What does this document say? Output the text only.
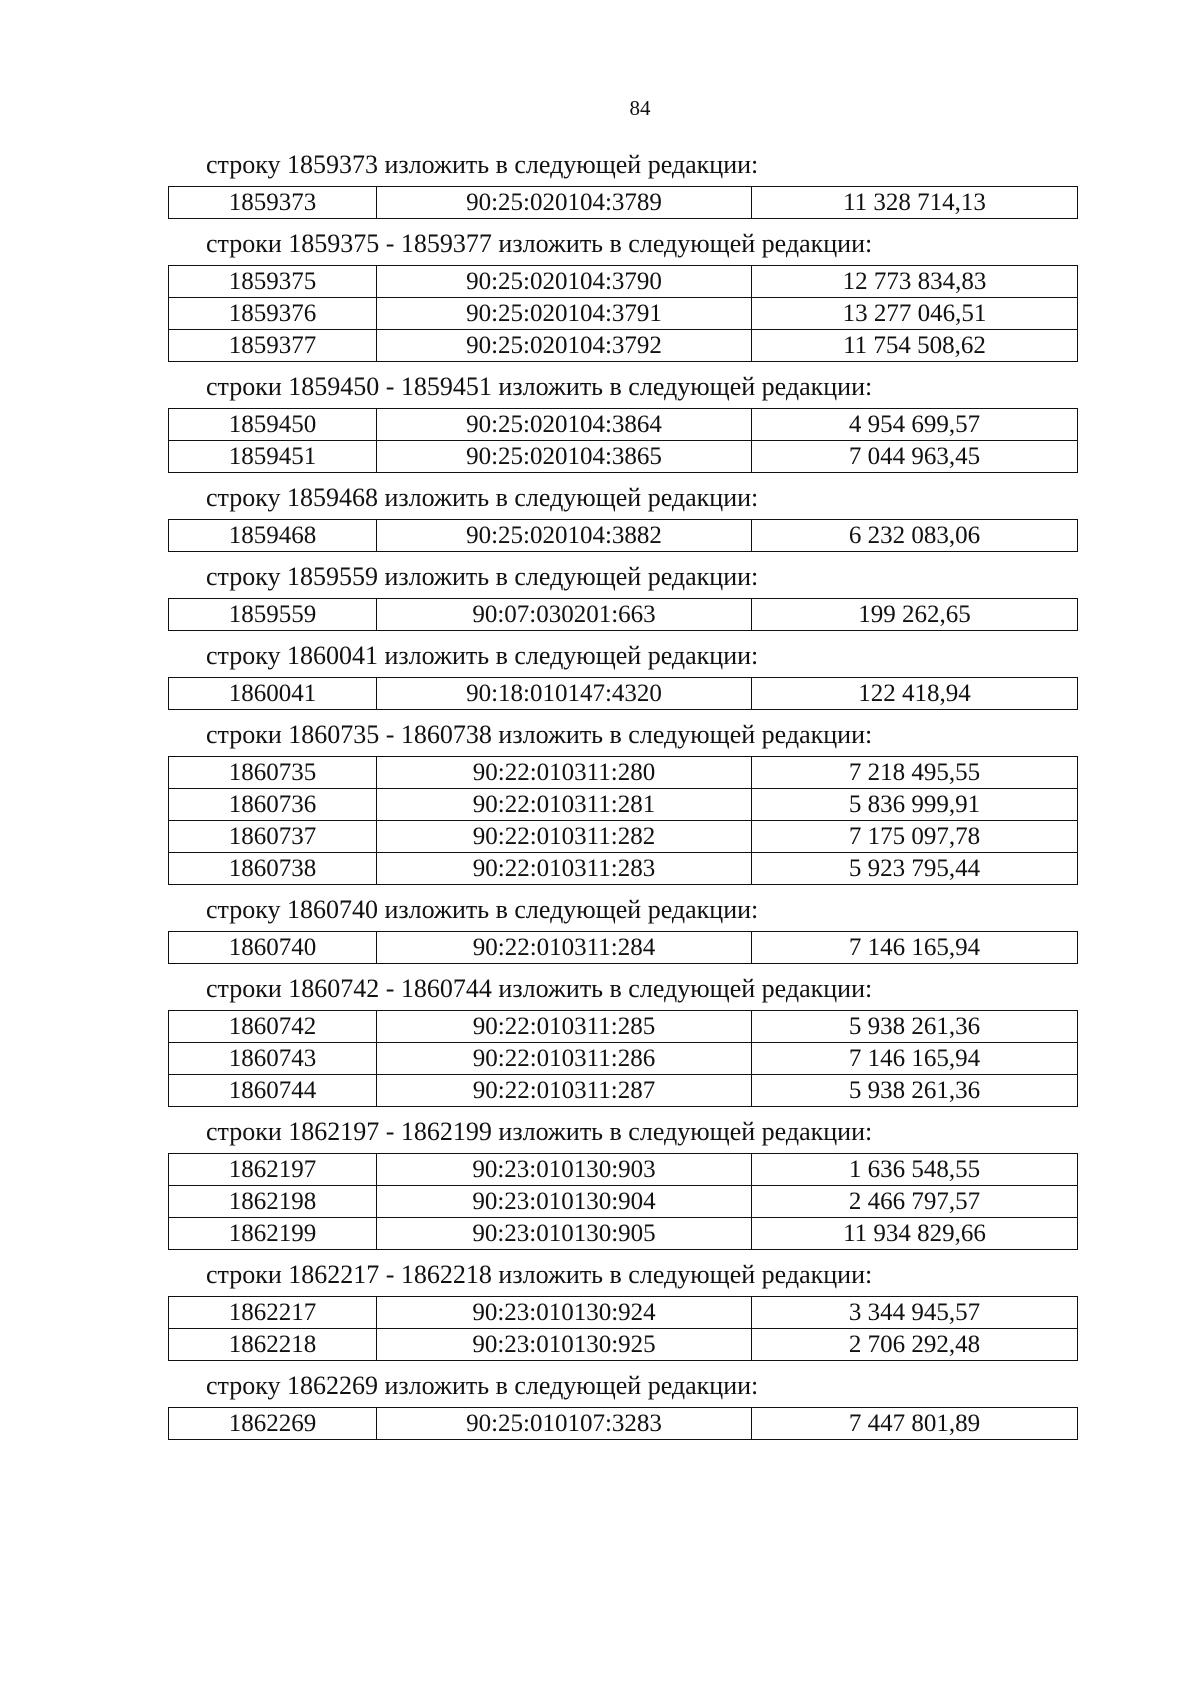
84
строку 1859373 изложить в следующей редакции:
1859373	90:25:020104:3789	11 328 714,13
строки 1859375 - 1859377 изложить в следующей редакции:
1859375	90:25:020104:3790	12 773 834,83
1859376	90:25:020104:3791	13 277 046,51
1859377	90:25:020104:3792	11 754 508,62
строки 1859450 - 1859451 изложить в следующей редакции:
1859450	90:25:020104:3864	4 954 699,57
1859451	90:25:020104:3865	7 044 963,45
строку 1859468 изложить в следующей редакции:
1859468	90:25:020104:3882	6 232 083,06
строку 1859559 изложить в следующей редакции:
1859559	90:07:030201:663	199 262,65
строку 1860041 изложить в следующей редакции:
1860041	90:18:010147:4320	122 418,94
строки 1860735 - 1860738 изложить в следующей редакции:
1860735	90:22:010311:280	7 218 495,55
1860736	90:22:010311:281	5 836 999,91
1860737	90:22:010311:282	7 175 097,78
1860738	90:22:010311:283	5 923 795,44
строку 1860740 изложить в следующей редакции:
1860740	90:22:010311:284	7 146 165,94
строки 1860742 - 1860744 изложить в следующей редакции:
1860742	90:22:010311:285	5 938 261,36
1860743	90:22:010311:286	7 146 165,94
1860744	90:22:010311:287	5 938 261,36
строки 1862197 - 1862199 изложить в следующей редакции:
1862197	90:23:010130:903	1 636 548,55
1862198	90:23:010130:904	2 466 797,57
1862199	90:23:010130:905	11 934 829,66
строки 1862217 - 1862218 изложить в следующей редакции:
1862217	90:23:010130:924	3 344 945,57
1862218	90:23:010130:925	2 706 292,48
строку 1862269 изложить в следующей редакции:
1862269	90:25:010107:3283	7 447 801,89
